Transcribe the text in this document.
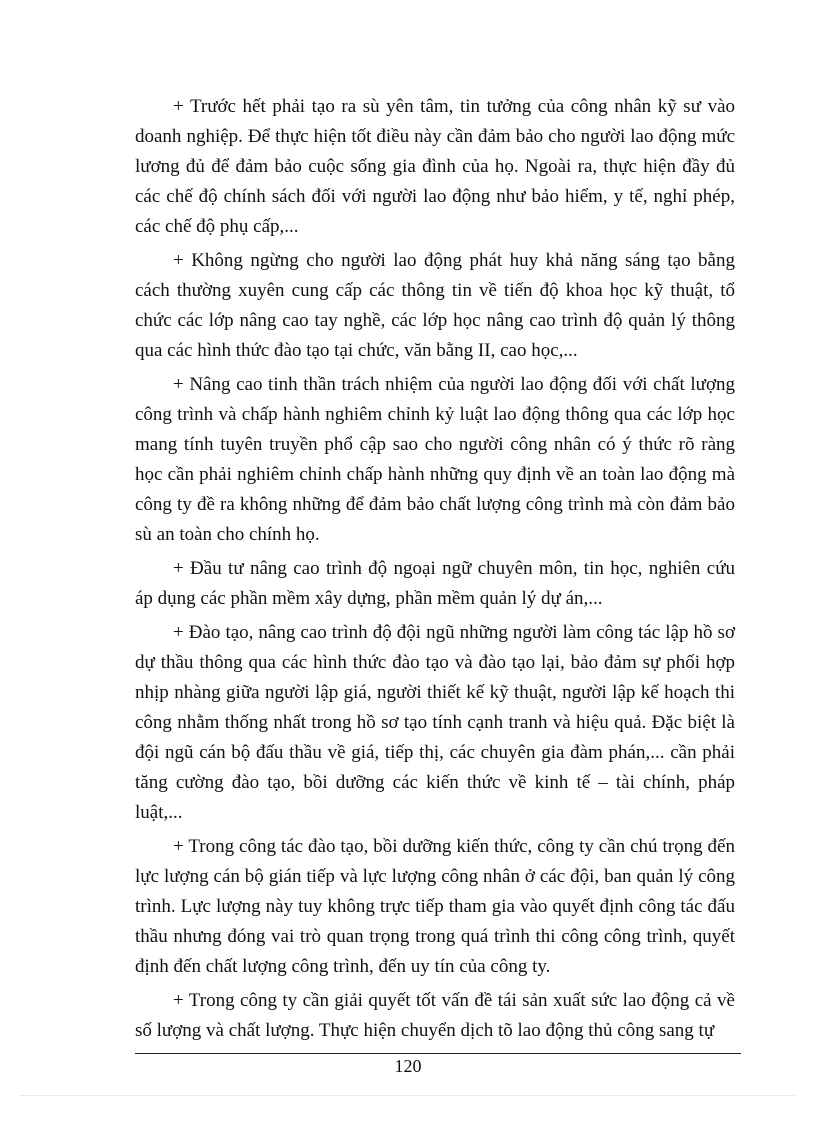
+ Trước hết phải tạo ra sù yên tâm, tin tưởng của công nhân kỹ sư vào doanh nghiệp. Để thực hiện tốt điều này cần đảm bảo cho người lao động mức lương đủ để đảm bảo cuộc sống gia đình của họ. Ngoài ra, thực hiện đầy đủ các chế độ chính sách đối với người lao động như bảo hiểm, y tế, nghỉ phép, các chế độ phụ cấp,...

+ Không ngừng cho người lao động phát huy khả năng sáng tạo bằng cách thường xuyên cung cấp các thông tin về tiến độ khoa học kỹ thuật, tổ chức các lớp nâng cao tay nghề, các lớp học nâng cao trình độ quản lý thông qua các hình thức đào tạo tại chức, văn bằng II, cao học,...

+ Nâng cao tinh thần trách nhiệm của người lao động đối với chất lượng công trình và chấp hành nghiêm chỉnh kỷ luật lao động thông qua các lớp học mang tính tuyên truyền phổ cập sao cho người công nhân có ý thức rõ ràng học cần phải nghiêm chỉnh chấp hành những quy định về an toàn lao động mà công ty đề ra không những để đảm bảo chất lượng công trình mà còn đảm bảo sù an toàn cho chính họ.

+ Đầu tư nâng cao trình độ ngoại ngữ chuyên môn, tin học, nghiên cứu áp dụng các phần mềm xây dựng, phần mềm quản lý dự án,...

+ Đào tạo, nâng cao trình độ đội ngũ những người làm công tác lập hồ sơ dự thầu thông qua các hình thức đào tạo và đào tạo lại, bảo đảm sự phối hợp nhịp nhàng giữa người lập giá, người thiết kế kỹ thuật, người lập kế hoạch thi công nhằm thống nhất trong hồ sơ tạo tính cạnh tranh và hiệu quả. Đặc biệt là đội ngũ cán bộ đấu thầu về giá, tiếp thị, các chuyên gia đàm phán,... cần phải tăng cường đào tạo, bồi dưỡng các kiến thức về kinh tế – tài chính, pháp luật,...

+ Trong công tác đào tạo, bồi dưỡng kiến thức, công ty cần chú trọng đến lực lượng cán bộ gián tiếp và lực lượng công nhân ở các đội, ban quản lý công trình. Lực lượng này tuy không trực tiếp tham gia vào quyết định công tác đấu thầu nhưng đóng vai trò quan trọng trong quá trình thi công công trình, quyết định đến chất lượng công trình, đến uy tín của công ty.

+ Trong công ty cần giải quyết tốt vấn đề tái sản xuất sức lao động cả về số lượng và chất lượng. Thực hiện chuyển dịch tõ lao động thủ công sang tự

120
